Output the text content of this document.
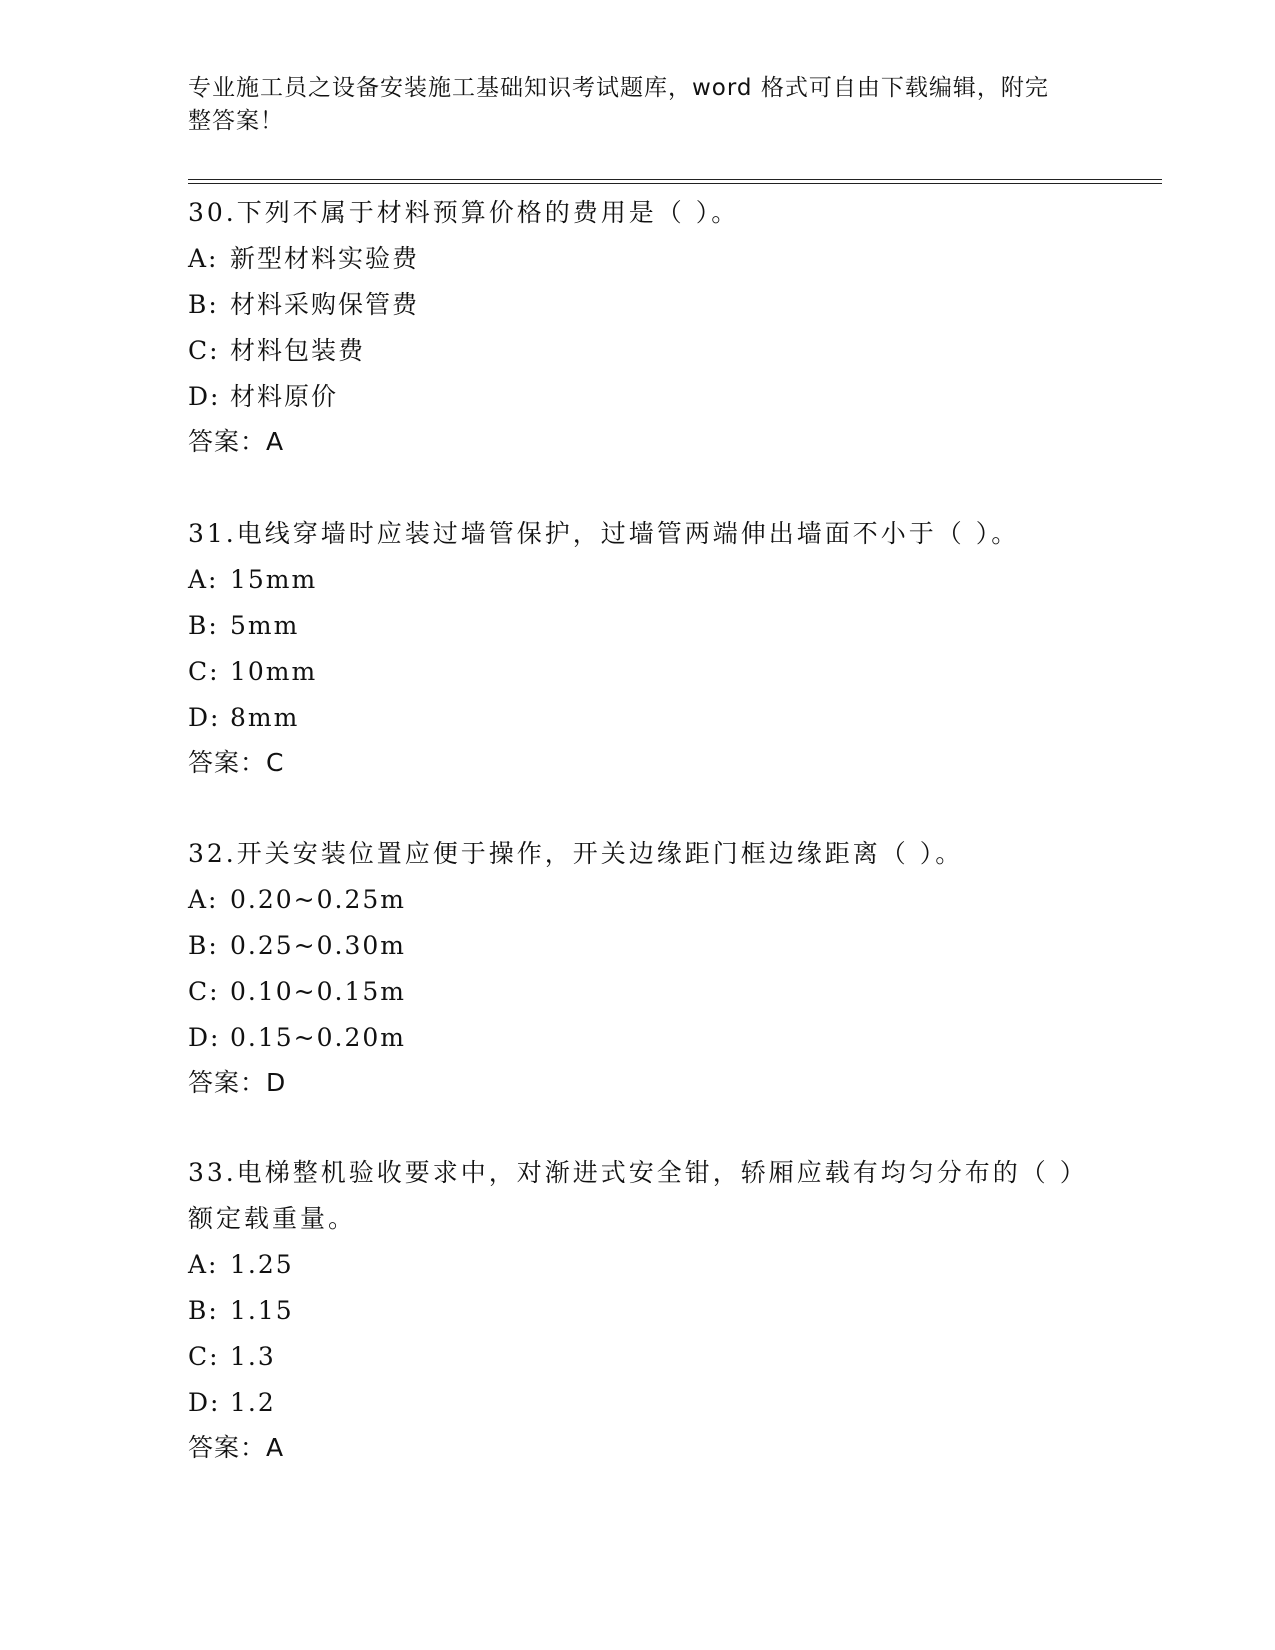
专业施工员之设备安装施工基础知识考试题库，word 格式可自由下载编辑，附完整答案！

30.下列不属于材料预算价格的费用是（ ）。

A: 新型材料实验费

B: 材料采购保管费

C: 材料包装费

D: 材料原价

答案：A

31.电线穿墙时应装过墙管保护，过墙管两端伸出墙面不小于（ ）。

A: 15mm

B: 5mm

C: 10mm

D: 8mm

答案：C

32.开关安装位置应便于操作，开关边缘距门框边缘距离（ ）。

A: 0.20~0.25m

B: 0.25~0.30m

C: 0.10~0.15m

D: 0.15~0.20m

答案：D

33.电梯整机验收要求中，对渐进式安全钳，轿厢应载有均匀分布的（ ）额定载重量。

A: 1.25

B: 1.15

C: 1.3

D: 1.2

答案：A
